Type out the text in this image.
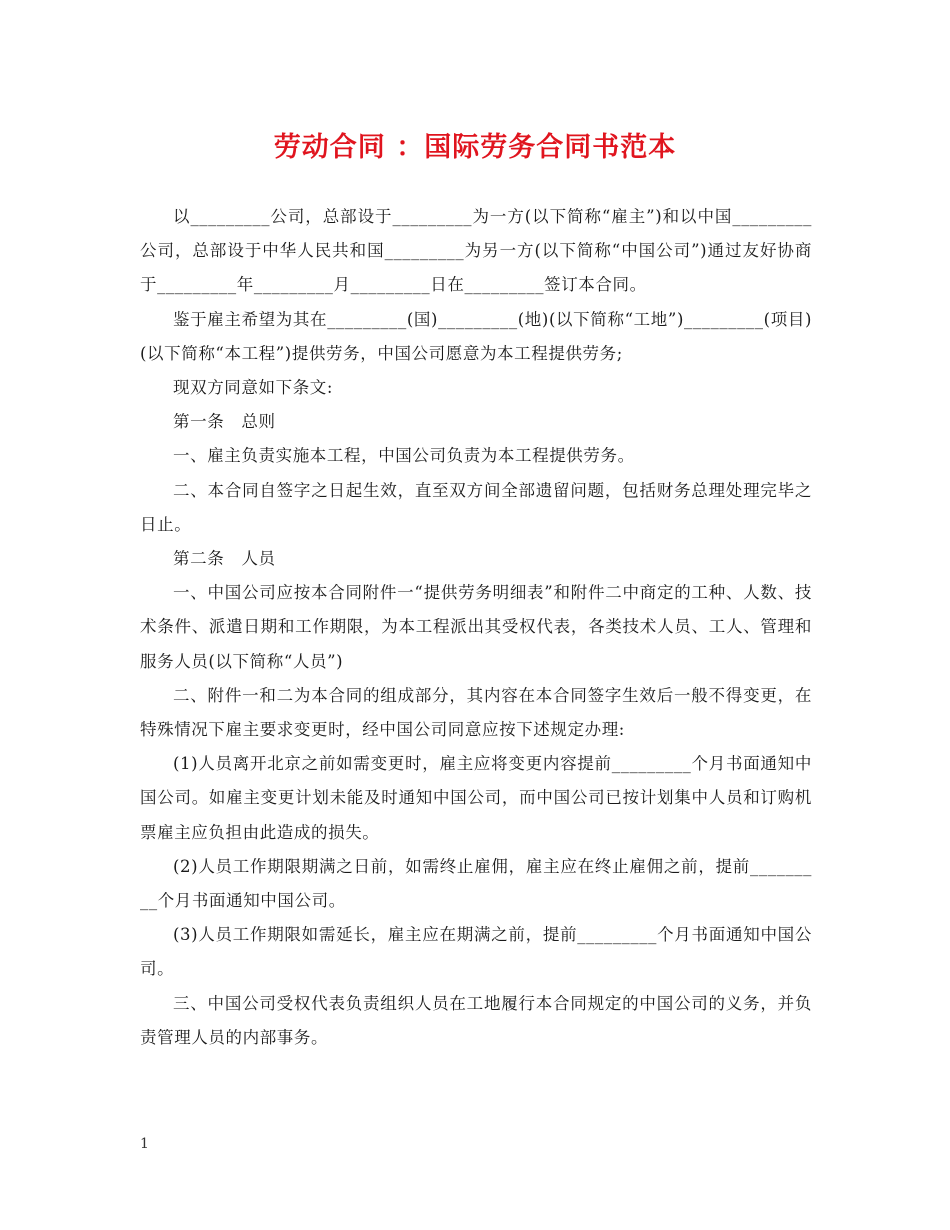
劳动合同 ：国际劳务合同书范本

以_________公司，总部设于_________为一方(以下简称“雇主”)和以中国_________公司，总部设于中华人民共和国_________为另一方(以下简称“中国公司”)通过友好协商于_________年_________月_________日在_________签订本合同。

鉴于雇主希望为其在_________(国)_________(地)(以下简称“工地”)_________(项目)(以下简称“本工程”)提供劳务，中国公司愿意为本工程提供劳务;

现双方同意如下条文:

第一条　总则

一、雇主负责实施本工程，中国公司负责为本工程提供劳务。

二、本合同自签字之日起生效，直至双方间全部遗留问题，包括财务总理处理完毕之日止。

第二条　人员

一、中国公司应按本合同附件一“提供劳务明细表”和附件二中商定的工种、人数、技术条件、派遣日期和工作期限，为本工程派出其受权代表，各类技术人员、工人、管理和服务人员(以下简称“人员”)

二、附件一和二为本合同的组成部分，其内容在本合同签字生效后一般不得变更，在特殊情况下雇主要求变更时，经中国公司同意应按下述规定办理:

(1)人员离开北京之前如需变更时，雇主应将变更内容提前_________个月书面通知中国公司。如雇主变更计划未能及时通知中国公司，而中国公司已按计划集中人员和订购机票雇主应负担由此造成的损失。

(2)人员工作期限期满之日前，如需终止雇佣，雇主应在终止雇佣之前，提前_________个月书面通知中国公司。

(3)人员工作期限如需延长，雇主应在期满之前，提前_________个月书面通知中国公司。

三、中国公司受权代表负责组织人员在工地履行本合同规定的中国公司的义务，并负责管理人员的内部事务。

1
